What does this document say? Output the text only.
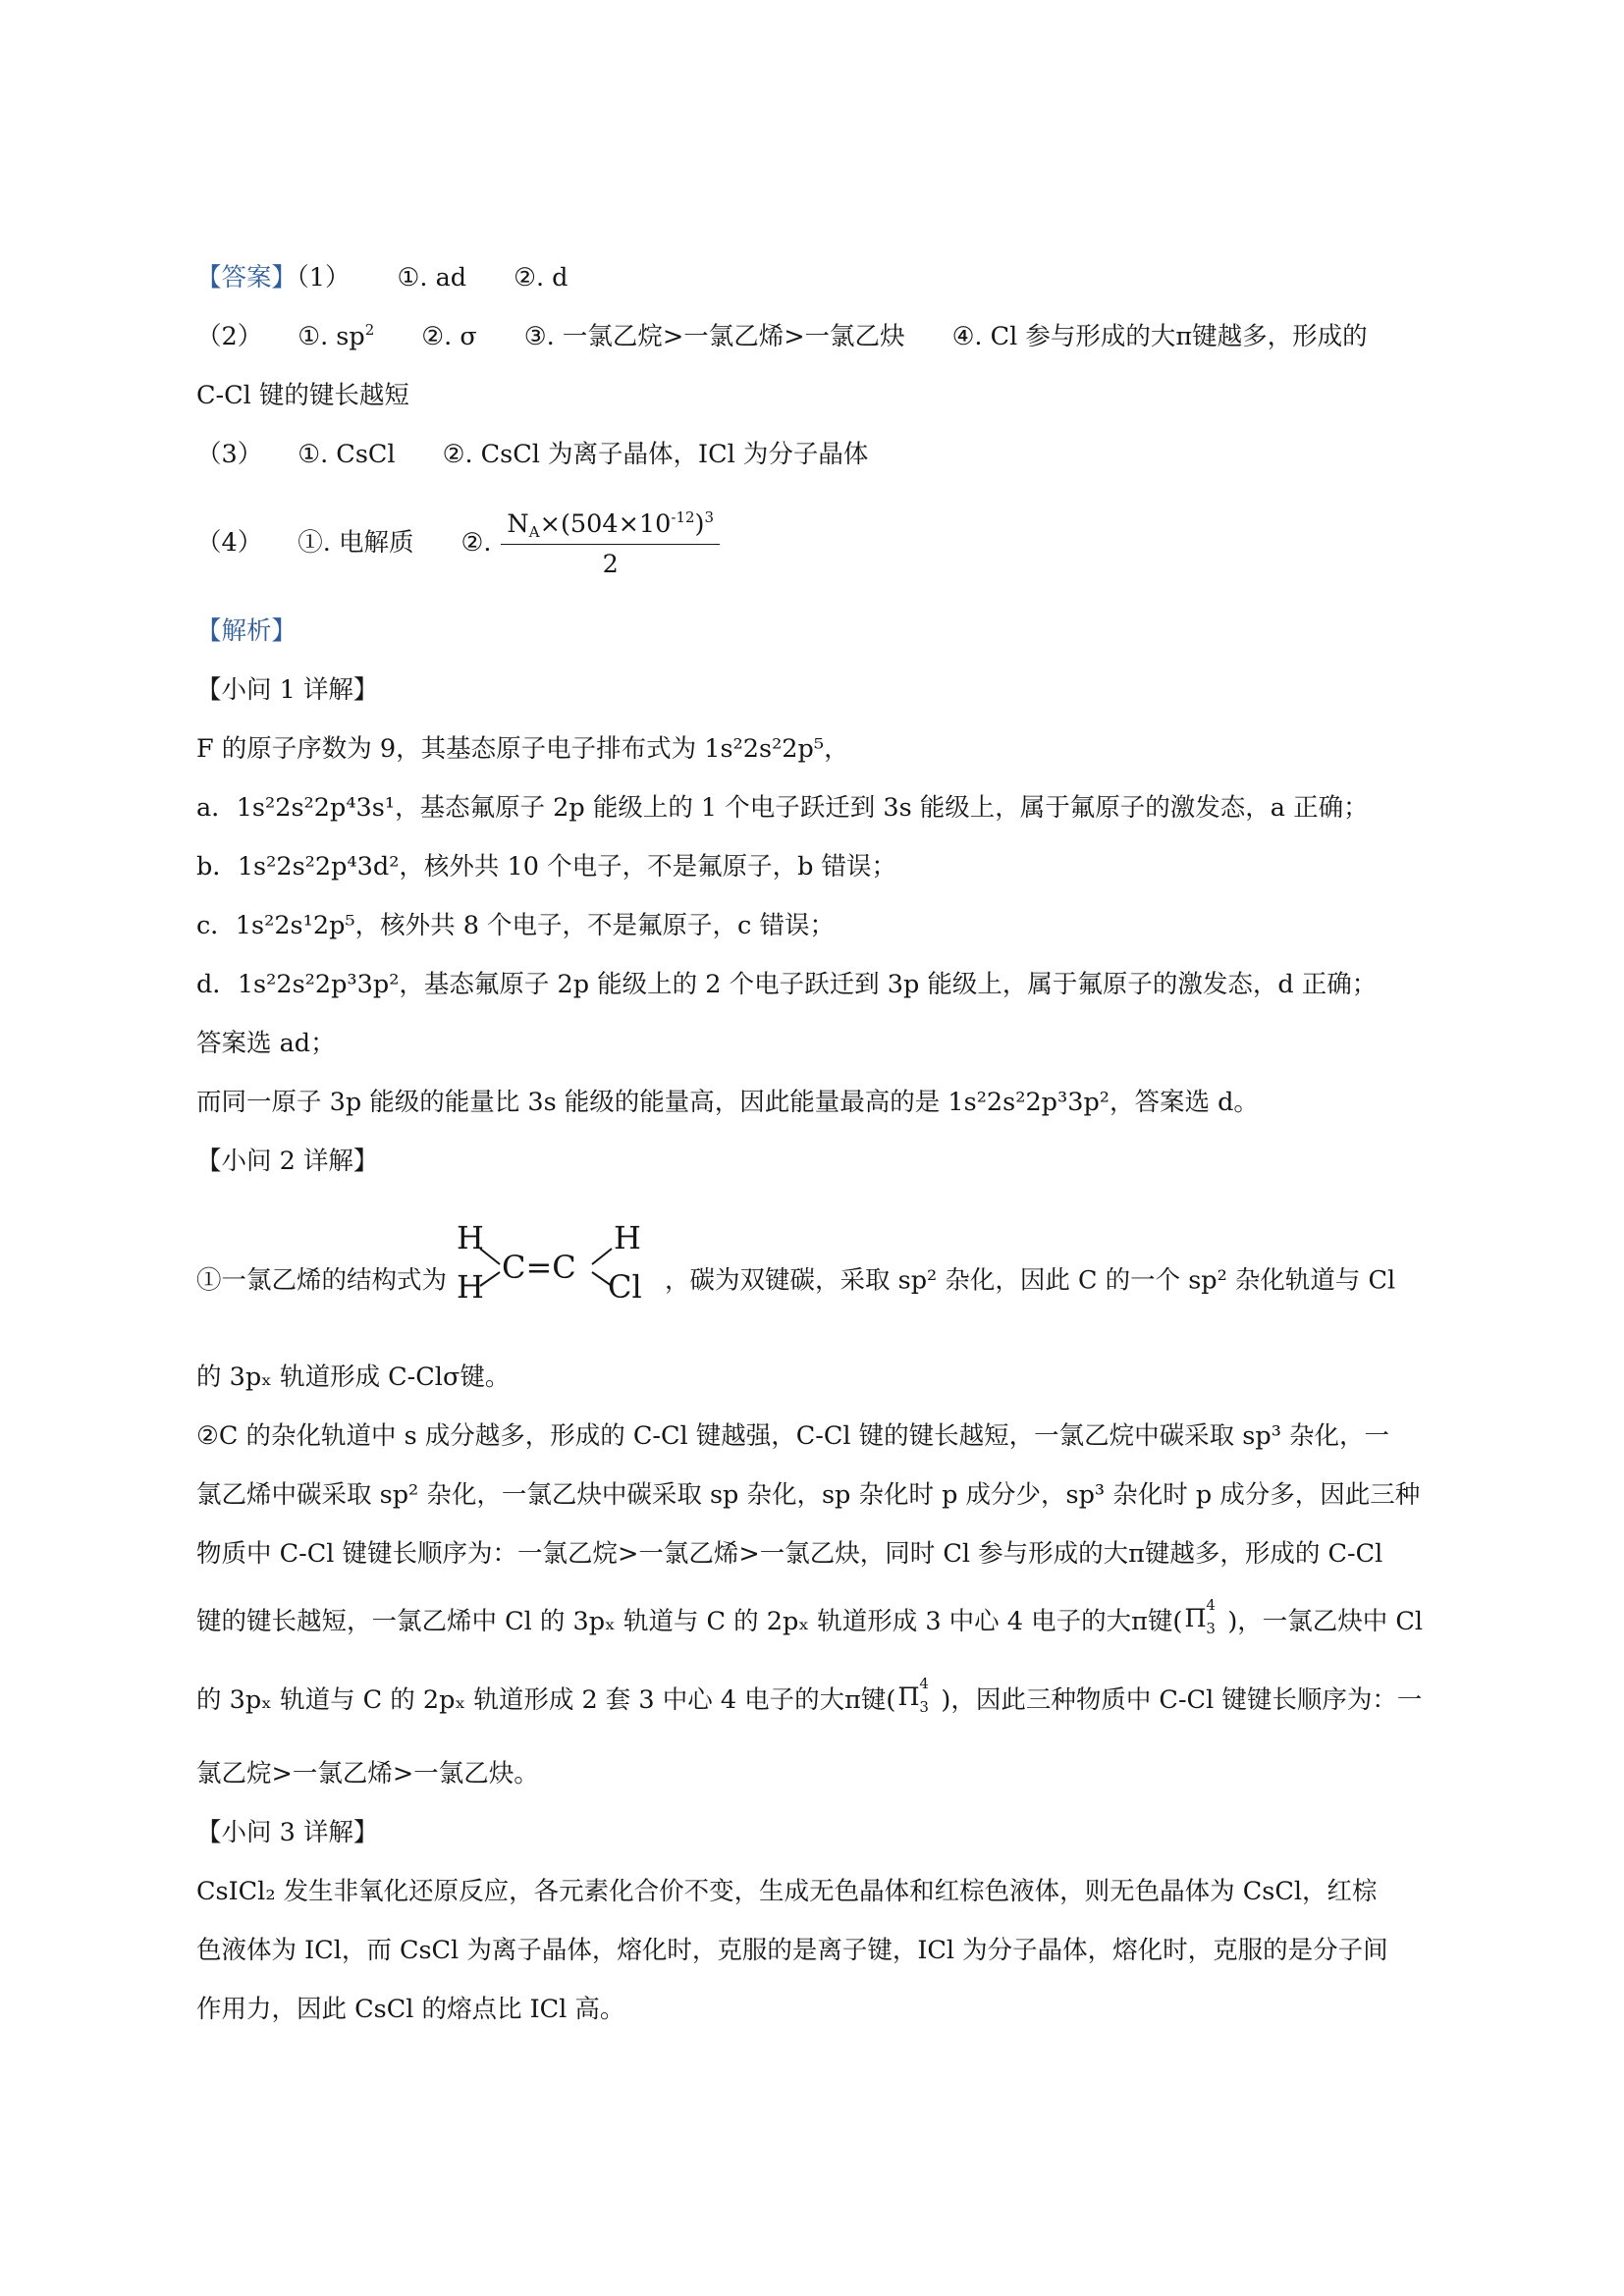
【答案】（1） ①. ad ②. d
（2） ①. $sp^2$ ②. σ ③. 一氯乙烷>一氯乙烯>一氯乙炔 ④. Cl 参与形成的大π键越多，形成的
C-Cl 键的键长越短
（3） ①. CsCl ②. CsCl 为离子晶体，ICl 为分子晶体
（4） ①. 电解质 ②. $\frac{N_A\times(504\times 10^{-12})^3}{2}$
【解析】
【小问 1 详解】
F 的原子序数为 9，其基态原子电子排布式为 1s²2s²2p⁵，
a．1s²2s²2p⁴3s¹，基态氟原子 2p 能级上的 1 个电子跃迁到 3s 能级上，属于氟原子的激发态，a 正确；
b．1s²2s²2p⁴3d²，核外共 10 个电子，不是氟原子，b 错误；
c．1s²2s¹2p⁵，核外共 8 个电子，不是氟原子，c 错误；
d．1s²2s²2p³3p²，基态氟原子 2p 能级上的 2 个电子跃迁到 3p 能级上，属于氟原子的激发态，d 正确；
答案选 ad；
而同一原子 3p 能级的能量比 3s 能级的能量高，因此能量最高的是 1s²2s²2p³3p²，答案选 d。
【小问 2 详解】
①一氯乙烯的结构式为
H
H
C=C
H
Cl ，碳为双键碳，采取 sp² 杂化，因此 C 的一个 sp² 杂化轨道与 Cl
的 3pₓ 轨道形成 C-Clσ键。
②C 的杂化轨道中 s 成分越多，形成的 C-Cl 键越强，C-Cl 键的键长越短，一氯乙烷中碳采取 sp³ 杂化，一
氯乙烯中碳采取 sp² 杂化，一氯乙炔中碳采取 sp 杂化，sp 杂化时 p 成分少，sp³ 杂化时 p 成分多，因此三种
物质中 C-Cl 键键长顺序为：一氯乙烷>一氯乙烯>一氯乙炔，同时 Cl 参与形成的大π键越多，形成的 C-Cl
键的键长越短，一氯乙烯中 Cl 的 3pₓ 轨道与 C 的 2pₓ 轨道形成 3 中心 4 电子的大π键( Π 4
3 )，一氯乙炔中 Cl
的 3pₓ 轨道与 C 的 2pₓ 轨道形成 2 套 3 中心 4 电子的大π键( Π 4
3 )，因此三种物质中 C-Cl 键键长顺序为：一
氯乙烷>一氯乙烯>一氯乙炔。
【小问 3 详解】
CsICl₂ 发生非氧化还原反应，各元素化合价不变，生成无色晶体和红棕色液体，则无色晶体为 CsCl，红棕
色液体为 ICl，而 CsCl 为离子晶体，熔化时，克服的是离子键，ICl 为分子晶体，熔化时，克服的是分子间
作用力，因此 CsCl 的熔点比 ICl 高。
